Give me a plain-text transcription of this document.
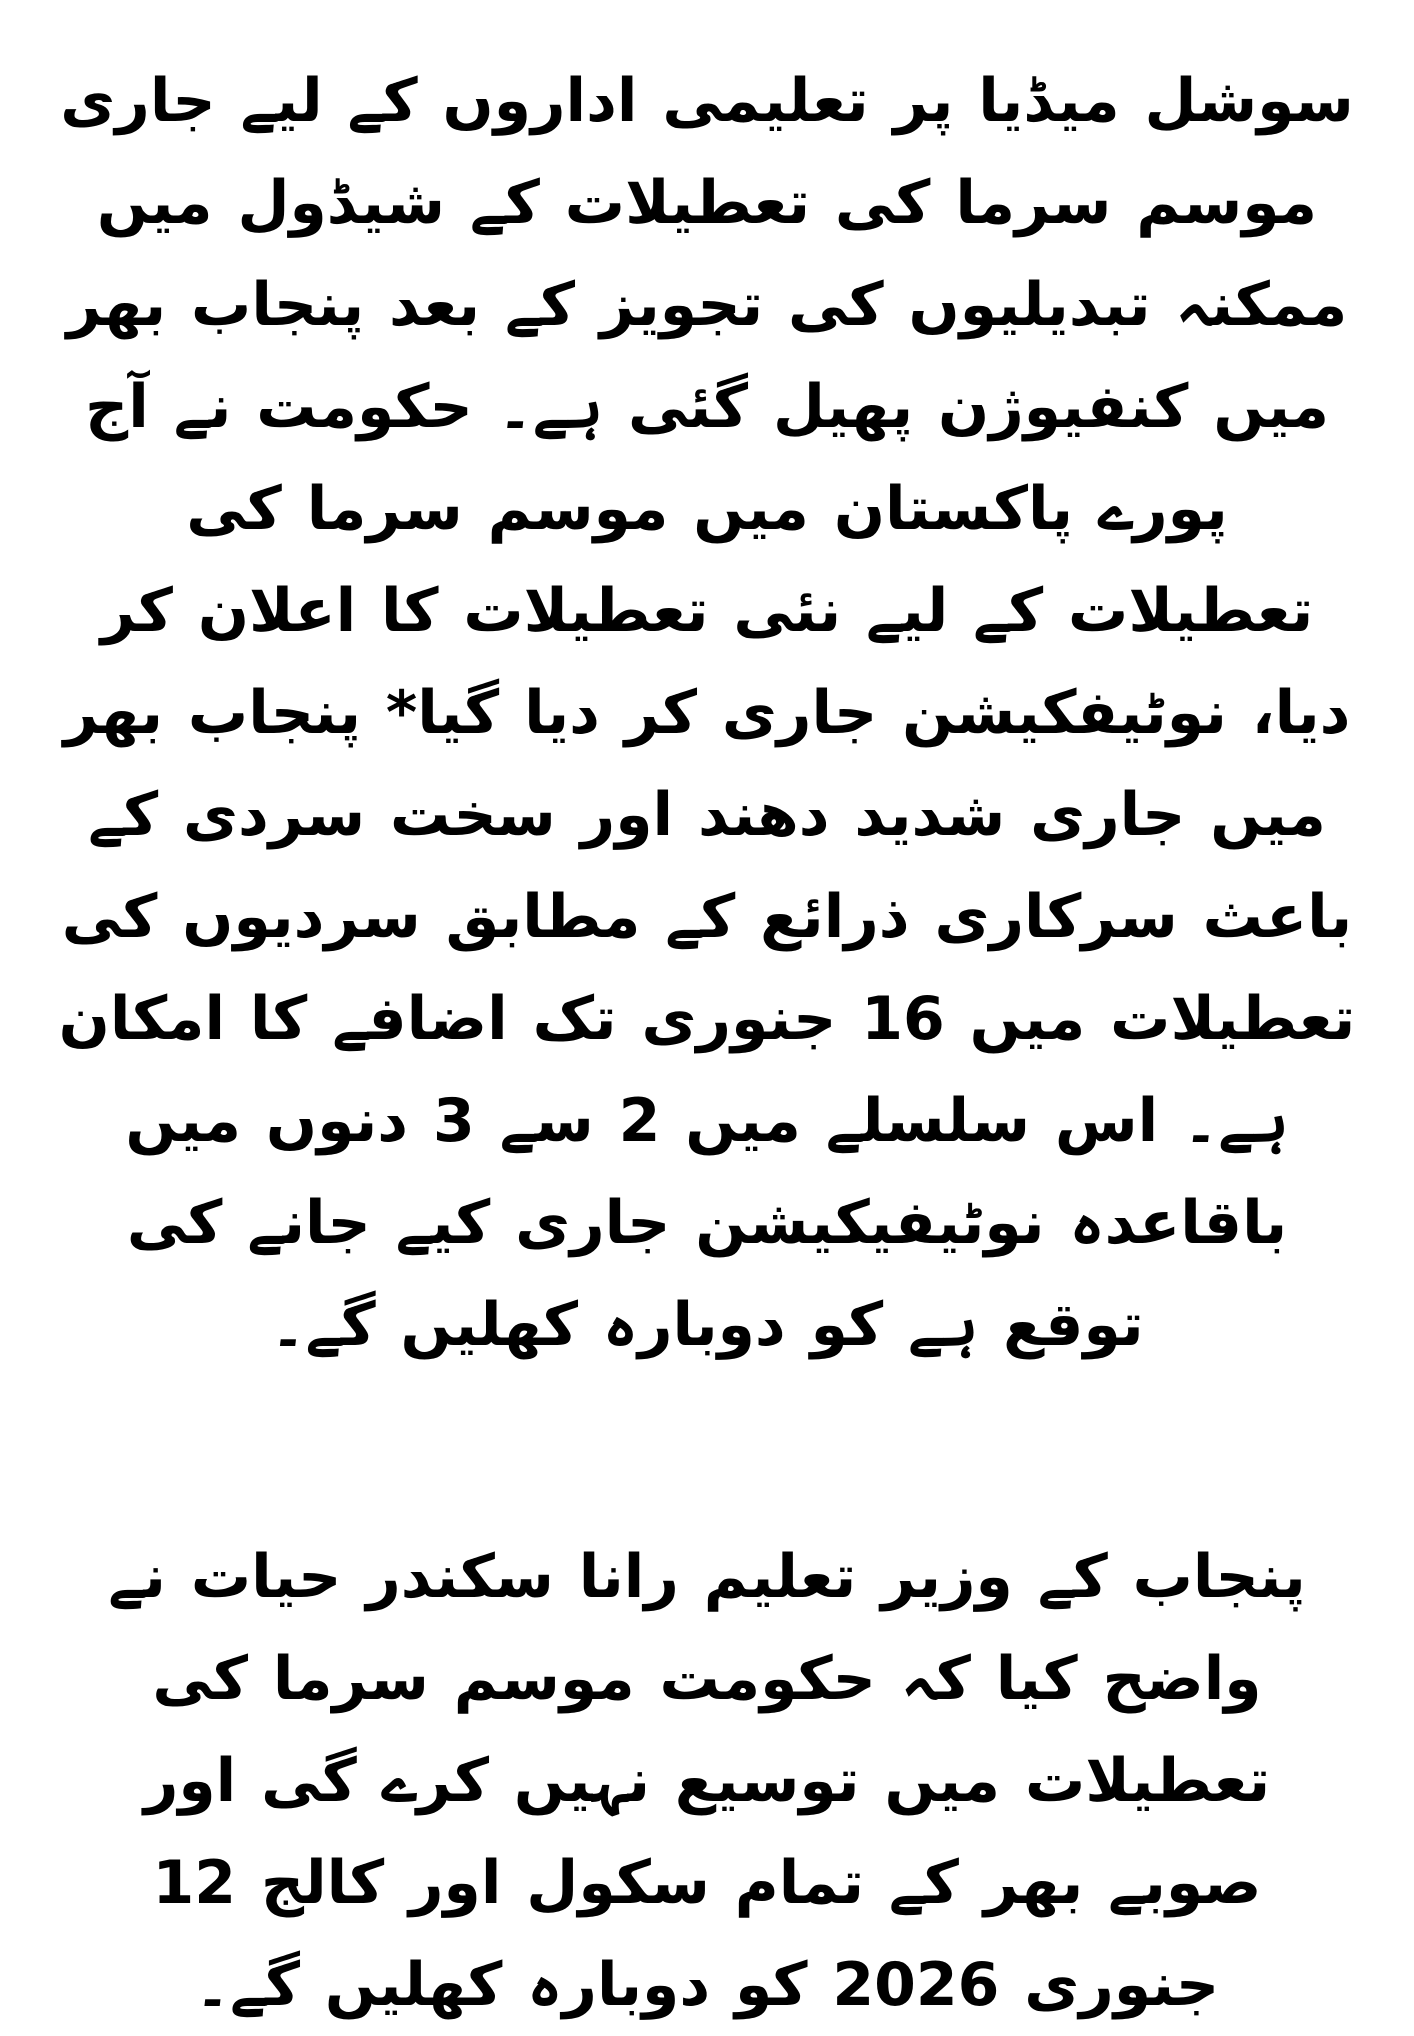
سوشل میڈیا پر تعلیمی اداروں کے لیے جاری موسم سرما کی تعطیلات کے شیڈول میں ممکنہ تبدیلیوں کی تجویز کے بعد پنجاب بھر میں کنفیوژن پھیل گئی ہے۔ حکومت نے آج پورے پاکستان میں موسم سرما کی تعطیلات کے لیے نئی تعطیلات کا اعلان کر دیا، نوٹیفکیشن جاری کر دیا گیا* پنجاب بھر میں جاری شدید دھند اور سخت سردی کے باعث سرکاری ذرائع کے مطابق سردیوں کی تعطیلات میں 16 جنوری تک اضافے کا امکان ہے۔ اس سلسلے میں 2 سے 3 دنوں میں باقاعدہ نوٹیفیکیشن جاری کیے جانے کی توقع ہے کو دوبارہ کھلیں گے۔

پنجاب کے وزیر تعلیم رانا سکندر حیات نے واضح کیا کہ حکومت موسم سرما کی تعطیلات میں توسیع نہیں کرے گی اور صوبے بھر کے تمام سکول اور کالج 12 جنوری 2026 کو دوبارہ کھلیں گے۔
